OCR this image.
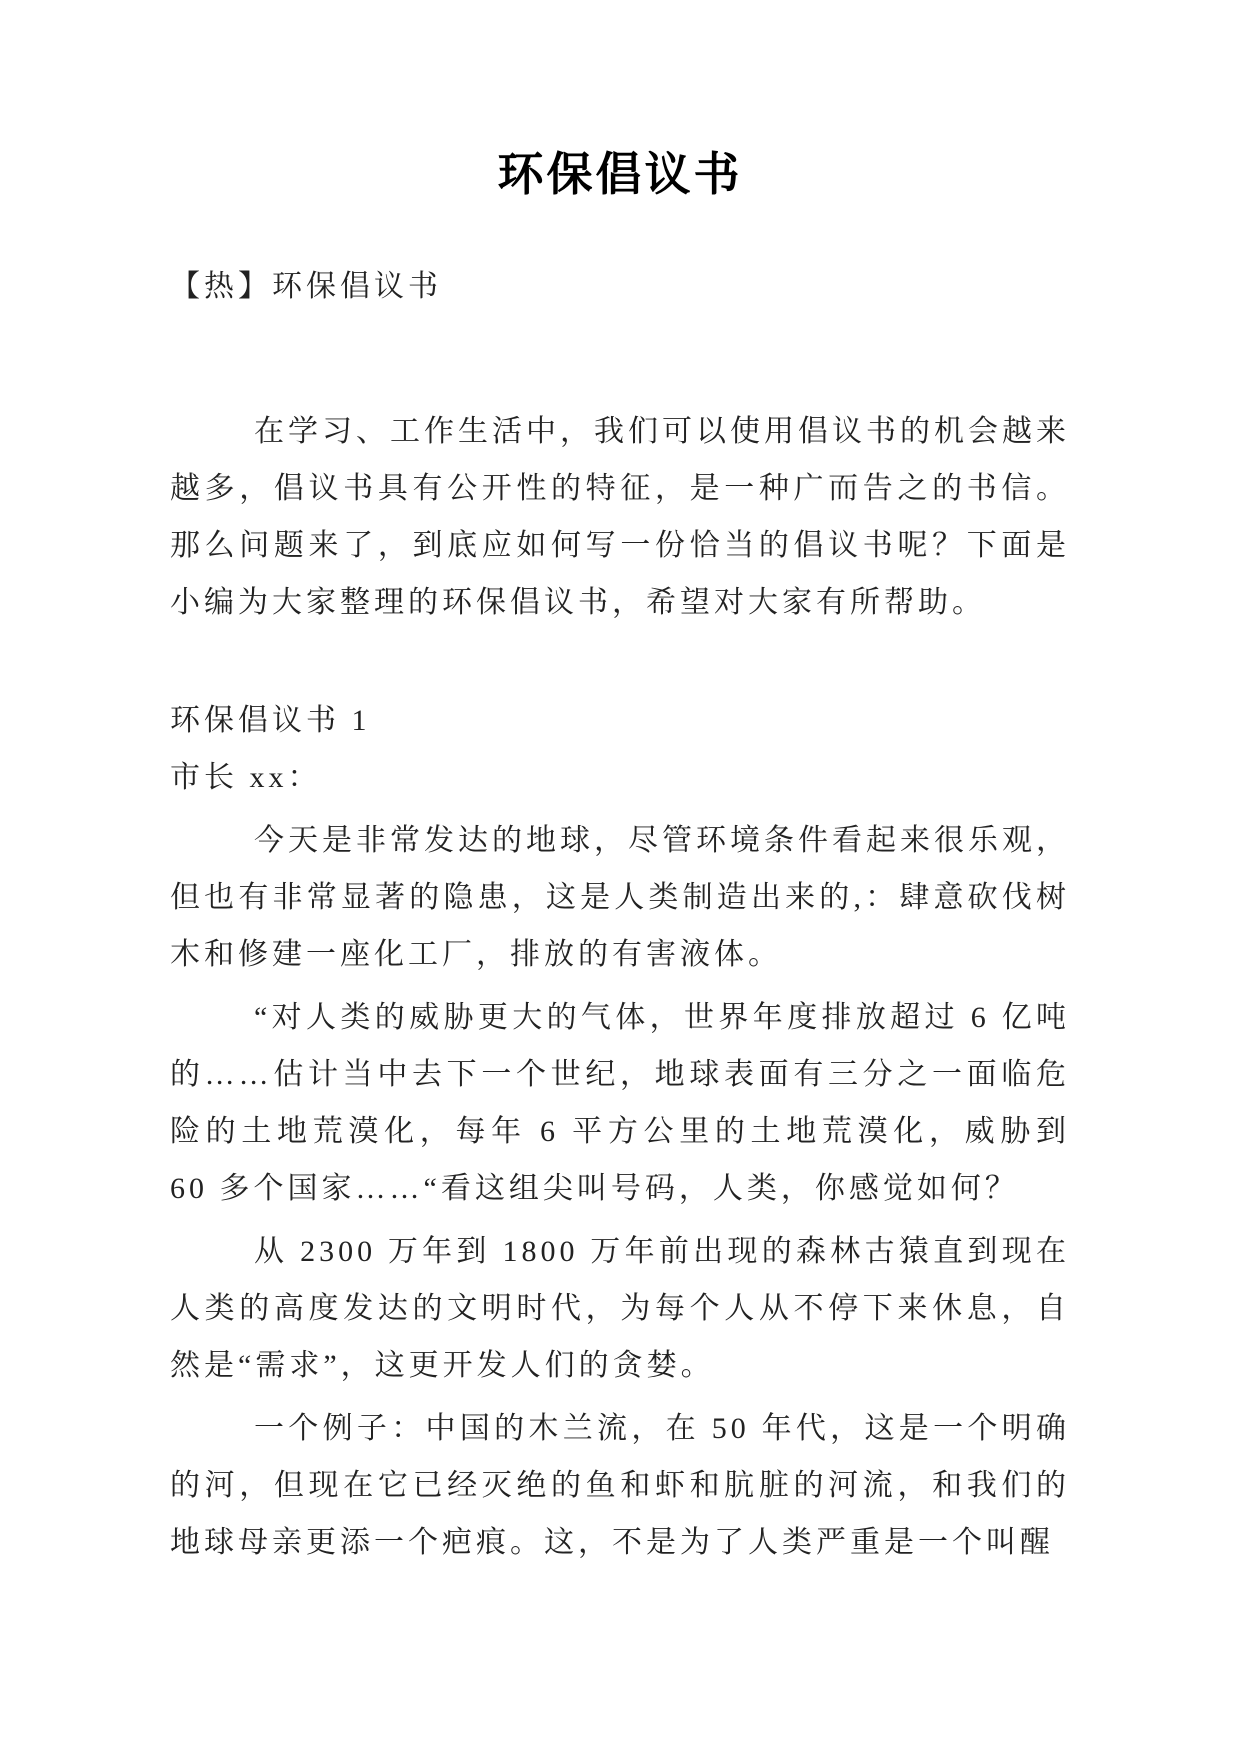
环保倡议书
【热】环保倡议书

在学习、工作生活中，我们可以使用倡议书的机会越来越多，倡议书具有公开性的特征，是一种广而告之的书信。那么问题来了，到底应如何写一份恰当的倡议书呢？下面是小编为大家整理的环保倡议书，希望对大家有所帮助。

环保倡议书 1
市长 xx：

今天是非常发达的地球，尽管环境条件看起来很乐观，但也有非常显著的隐患，这是人类制造出来的,：肆意砍伐树木和修建一座化工厂，排放的有害液体。

“对人类的威胁更大的气体，世界年度排放超过 6 亿吨的……估计当中去下一个世纪，地球表面有三分之一面临危险的土地荒漠化，每年 6 平方公里的土地荒漠化，威胁到 60 多个国家……“看这组尖叫号码，人类，你感觉如何？

从 2300 万年到 1800 万年前出现的森林古猿直到现在人类的高度发达的文明时代，为每个人从不停下来休息，自然是“需求”，这更开发人们的贪婪。

一个例子：中国的木兰流，在 50 年代，这是一个明确的河，但现在它已经灭绝的鱼和虾和肮脏的河流，和我们的地球母亲更添一个疤痕。这，不是为了人类严重是一个叫醒
